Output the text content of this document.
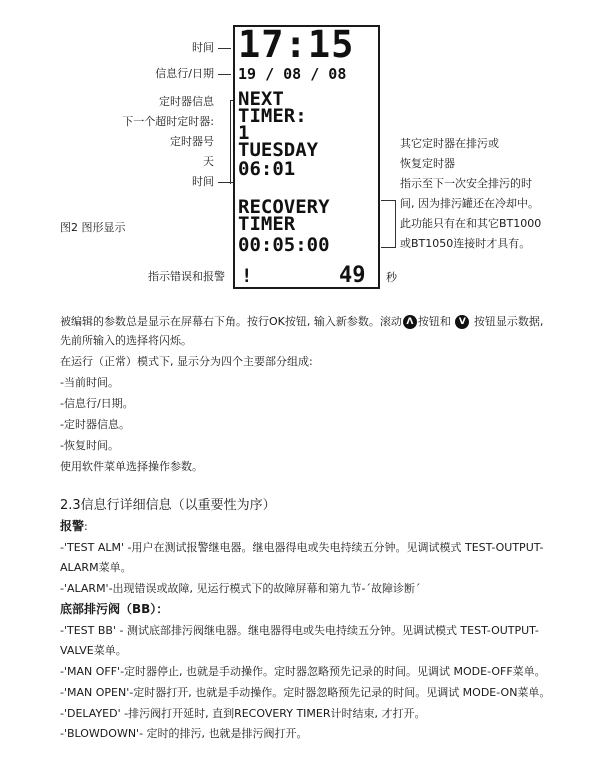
时间
信息行/日期
定时器信息
下一个超时定时器:
定时器号
天
时间
图2 图形显示
指示错误和报警
17:15
19 / 08 / 08
NEXT
TIMER:
1
TUESDAY
06:01
RECOVERY
TIMER
00:05:00
!	49 秒
其它定时器在排污或
恢复定时器
指示至下一次安全排污的时
间, 因为排污罐还在冷却中。
此功能只有在和其它BT1000
或BT1050连接时才具有。
被编辑的参数总是显示在屏幕右下角。按行OK按钮, 输入新参数。滚动 Λ 按钮和 V 按钮显示数据,
先前所输入的选择将闪烁。
在运行（正常）模式下, 显示分为四个主要部分组成:
-当前时间。
-信息行/日期。
-定时器信息。
-恢复时间。
使用软件菜单选择操作参数。
2.3信息行详细信息（以重要性为序）
报警:
-'TEST ALM' -用户在测试报警继电器。继电器得电或失电持续五分钟。见调试模式 TEST-OUTPUT-
ALARM菜单。
-'ALARM'-出现错误或故障, 见运行模式下的故障屏幕和第九节-´故障诊断´
底部排污阀（BB）：
-'TEST BB' - 测试底部排污阀继电器。继电器得电或失电持续五分钟。见调试模式 TEST-OUTPUT-
VALVE菜单。
-'MAN OFF'-定时器停止, 也就是手动操作。定时器忽略预先记录的时间。见调试 MODE-OFF菜单。
-'MAN OPEN'-定时器打开, 也就是手动操作。定时器忽略预先记录的时间。见调试 MODE-ON菜单。
-'DELAYED' -排污阀打开延时, 直到RECOVERY TIMER计时结束, 才打开。
-'BLOWDOWN'- 定时的排污, 也就是排污阀打开。
